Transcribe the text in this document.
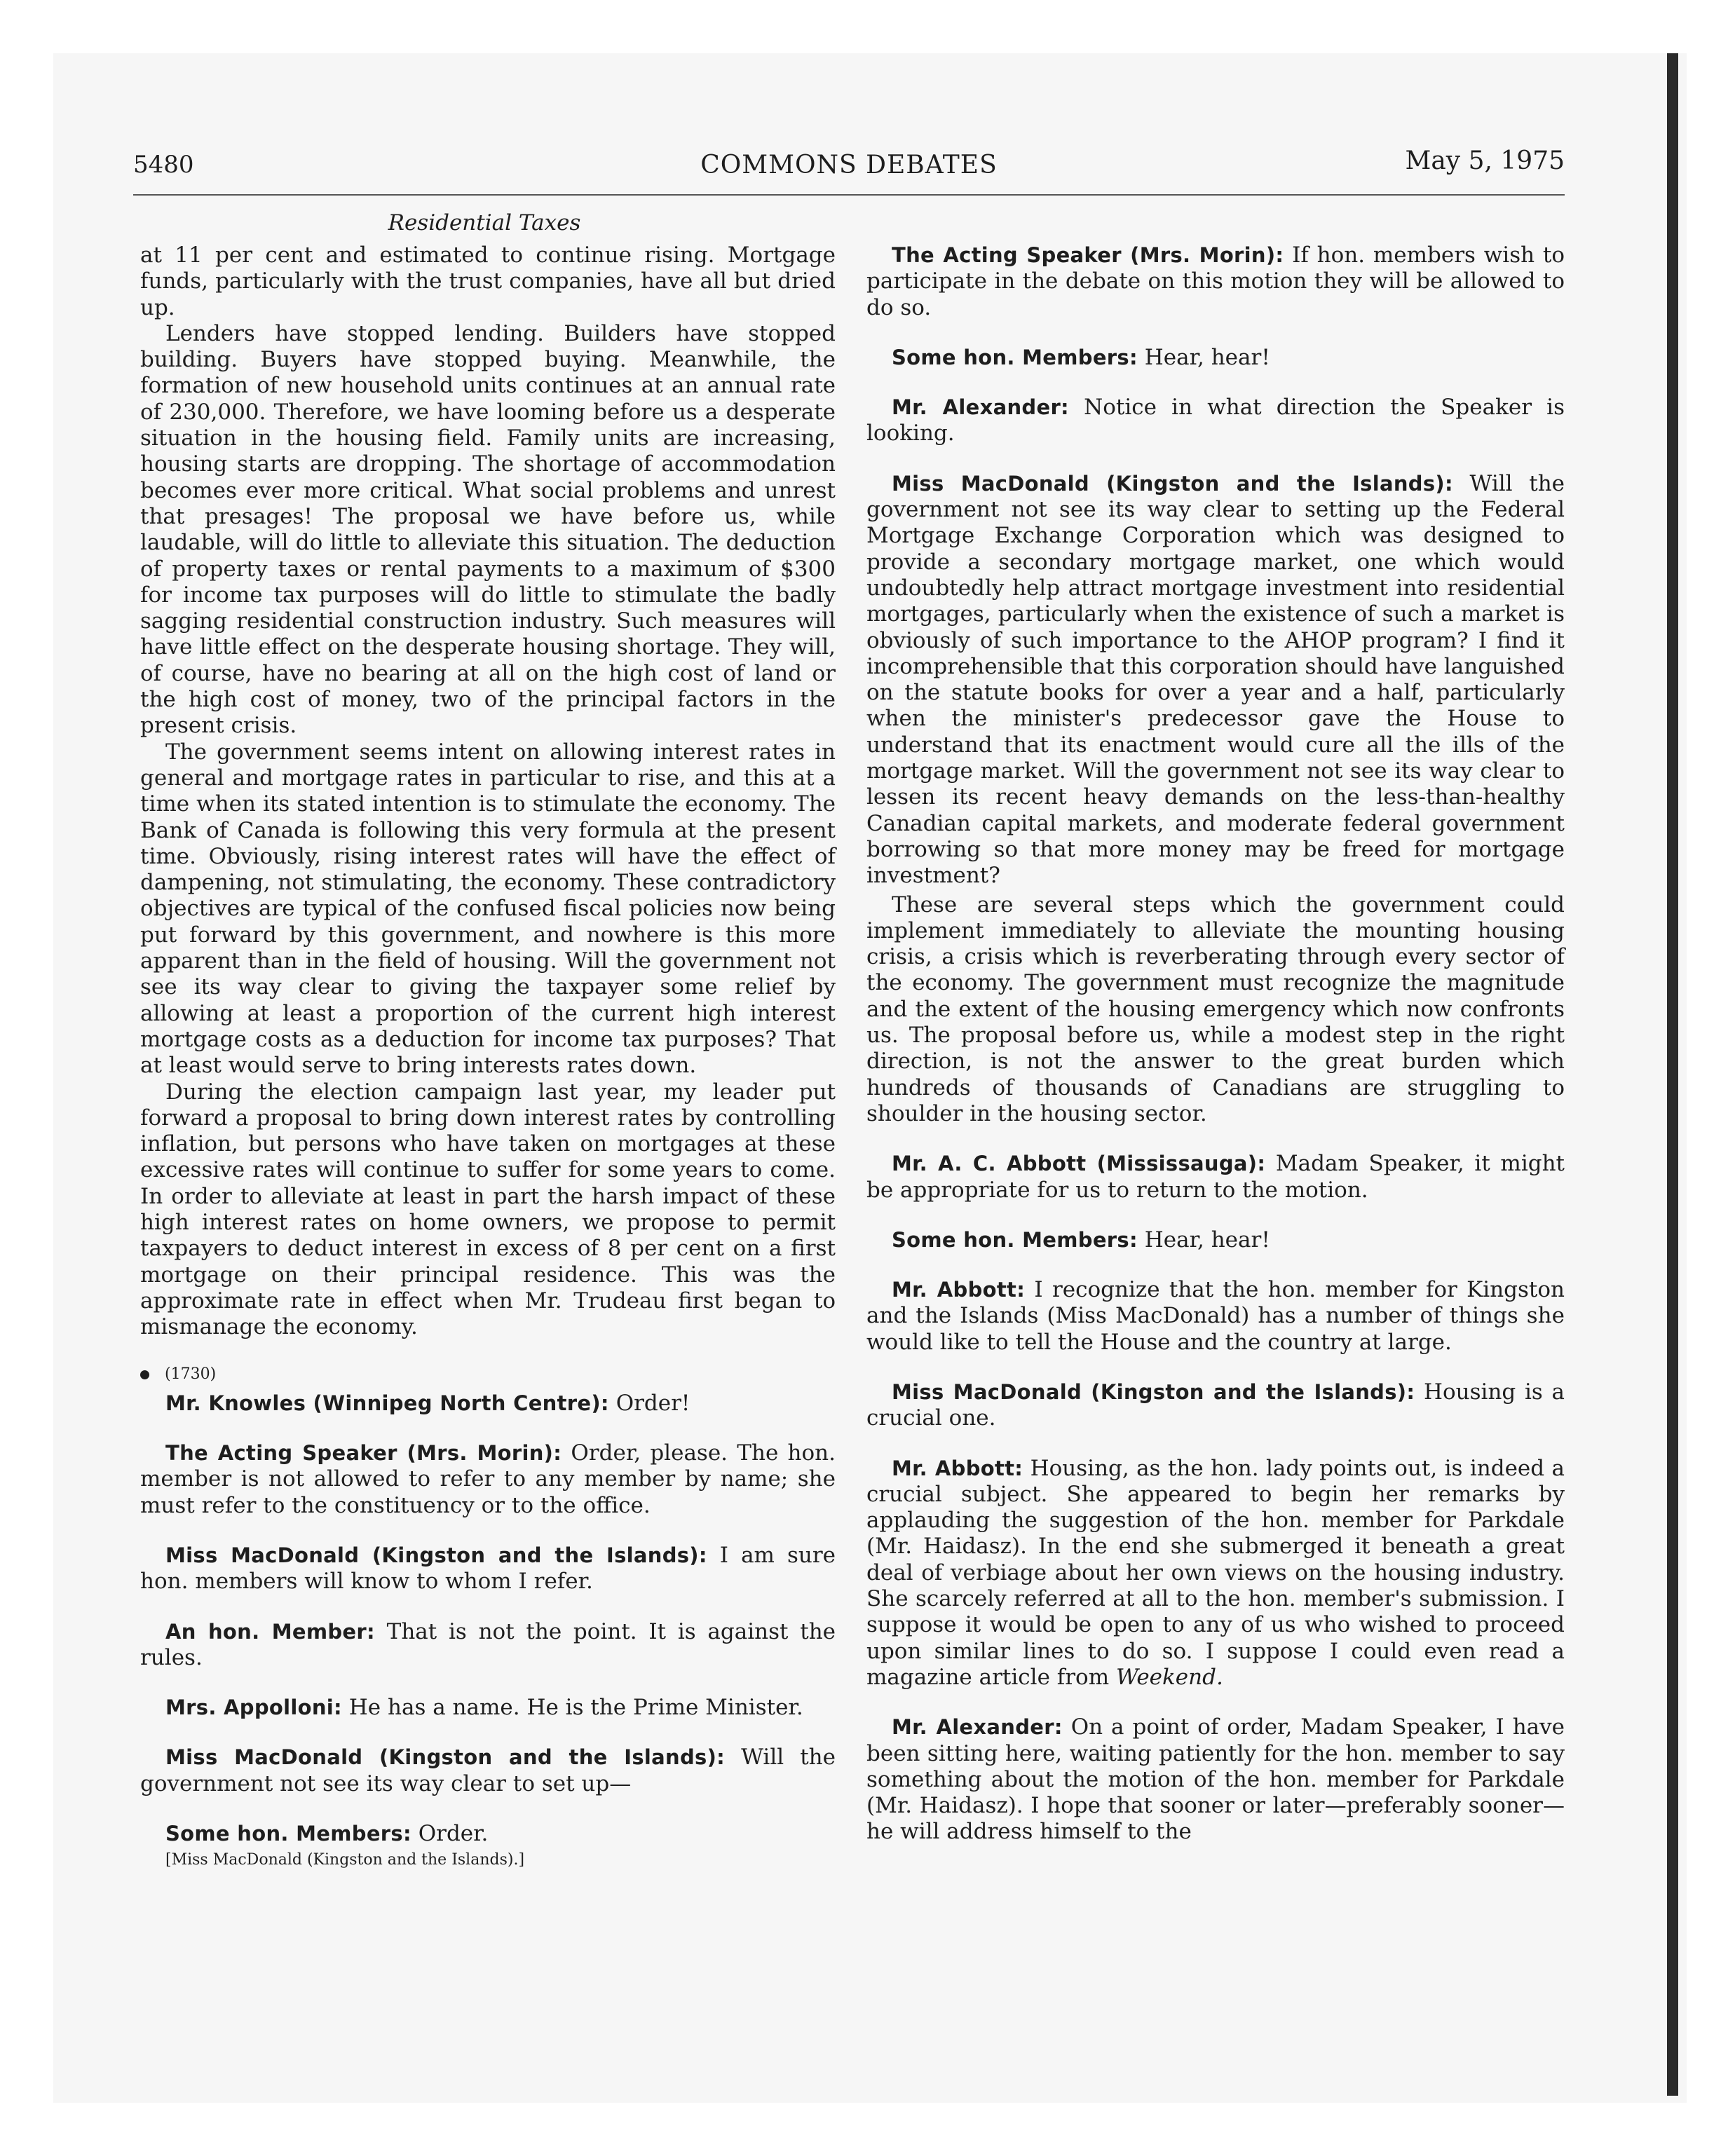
5480	COMMONS DEBATES	May 5, 1975
Residential Taxes

at 11 per cent and estimated to continue rising. Mortgage funds, particularly with the trust companies, have all but dried up.

Lenders have stopped lending. Builders have stopped building. Buyers have stopped buying. Meanwhile, the formation of new household units continues at an annual rate of 230,000. Therefore, we have looming before us a desperate situation in the housing field. Family units are increasing, housing starts are dropping. The shortage of accommodation becomes ever more critical. What social problems and unrest that presages! The proposal we have before us, while laudable, will do little to alleviate this situation. The deduction of property taxes or rental payments to a maximum of $300 for income tax purposes will do little to stimulate the badly sagging residential construction industry. Such measures will have little effect on the desperate housing shortage. They will, of course, have no bearing at all on the high cost of land or the high cost of money, two of the principal factors in the present crisis.

The government seems intent on allowing interest rates in general and mortgage rates in particular to rise, and this at a time when its stated intention is to stimulate the economy. The Bank of Canada is following this very formula at the present time. Obviously, rising interest rates will have the effect of dampening, not stimulating, the economy. These contradictory objectives are typical of the confused fiscal policies now being put forward by this government, and nowhere is this more apparent than in the field of housing. Will the government not see its way clear to giving the taxpayer some relief by allowing at least a proportion of the current high interest mortgage costs as a deduction for income tax purposes? That at least would serve to bring interests rates down.

During the election campaign last year, my leader put forward a proposal to bring down interest rates by controlling inflation, but persons who have taken on mortgages at these excessive rates will continue to suffer for some years to come. In order to alleviate at least in part the harsh impact of these high interest rates on home owners, we propose to permit taxpayers to deduct interest in excess of 8 per cent on a first mortgage on their principal residence. This was the approximate rate in effect when Mr. Trudeau first began to mismanage the economy.

(1730)

Mr. Knowles (Winnipeg North Centre): Order!

The Acting Speaker (Mrs. Morin): Order, please. The hon. member is not allowed to refer to any member by name; she must refer to the constituency or to the office.

Miss MacDonald (Kingston and the Islands): I am sure hon. members will know to whom I refer.

An hon. Member: That is not the point. It is against the rules.

Mrs. Appolloni: He has a name. He is the Prime Minister.

Miss MacDonald (Kingston and the Islands): Will the government not see its way clear to set up—

Some hon. Members: Order.

[Miss MacDonald (Kingston and the Islands).]

The Acting Speaker (Mrs. Morin): If hon. members wish to participate in the debate on this motion they will be allowed to do so.

Some hon. Members: Hear, hear!

Mr. Alexander: Notice in what direction the Speaker is looking.

Miss MacDonald (Kingston and the Islands): Will the government not see its way clear to setting up the Federal Mortgage Exchange Corporation which was designed to provide a secondary mortgage market, one which would undoubtedly help attract mortgage investment into residential mortgages, particularly when the existence of such a market is obviously of such importance to the AHOP program? I find it incomprehensible that this corporation should have languished on the statute books for over a year and a half, particularly when the minister's predecessor gave the House to understand that its enactment would cure all the ills of the mortgage market. Will the government not see its way clear to lessen its recent heavy demands on the less-than-healthy Canadian capital markets, and moderate federal government borrowing so that more money may be freed for mortgage investment?

These are several steps which the government could implement immediately to alleviate the mounting housing crisis, a crisis which is reverberating through every sector of the economy. The government must recognize the magnitude and the extent of the housing emergency which now confronts us. The proposal before us, while a modest step in the right direction, is not the answer to the great burden which hundreds of thousands of Canadians are struggling to shoulder in the housing sector.

Mr. A. C. Abbott (Mississauga): Madam Speaker, it might be appropriate for us to return to the motion.

Some hon. Members: Hear, hear!

Mr. Abbott: I recognize that the hon. member for Kingston and the Islands (Miss MacDonald) has a number of things she would like to tell the House and the country at large.

Miss MacDonald (Kingston and the Islands): Housing is a crucial one.

Mr. Abbott: Housing, as the hon. lady points out, is indeed a crucial subject. She appeared to begin her remarks by applauding the suggestion of the hon. member for Parkdale (Mr. Haidasz). In the end she submerged it beneath a great deal of verbiage about her own views on the housing industry. She scarcely referred at all to the hon. member's submission. I suppose it would be open to any of us who wished to proceed upon similar lines to do so. I suppose I could even read a magazine article from Weekend.

Mr. Alexander: On a point of order, Madam Speaker, I have been sitting here, waiting patiently for the hon. member to say something about the motion of the hon. member for Parkdale (Mr. Haidasz). I hope that sooner or later—preferably sooner—he will address himself to the
